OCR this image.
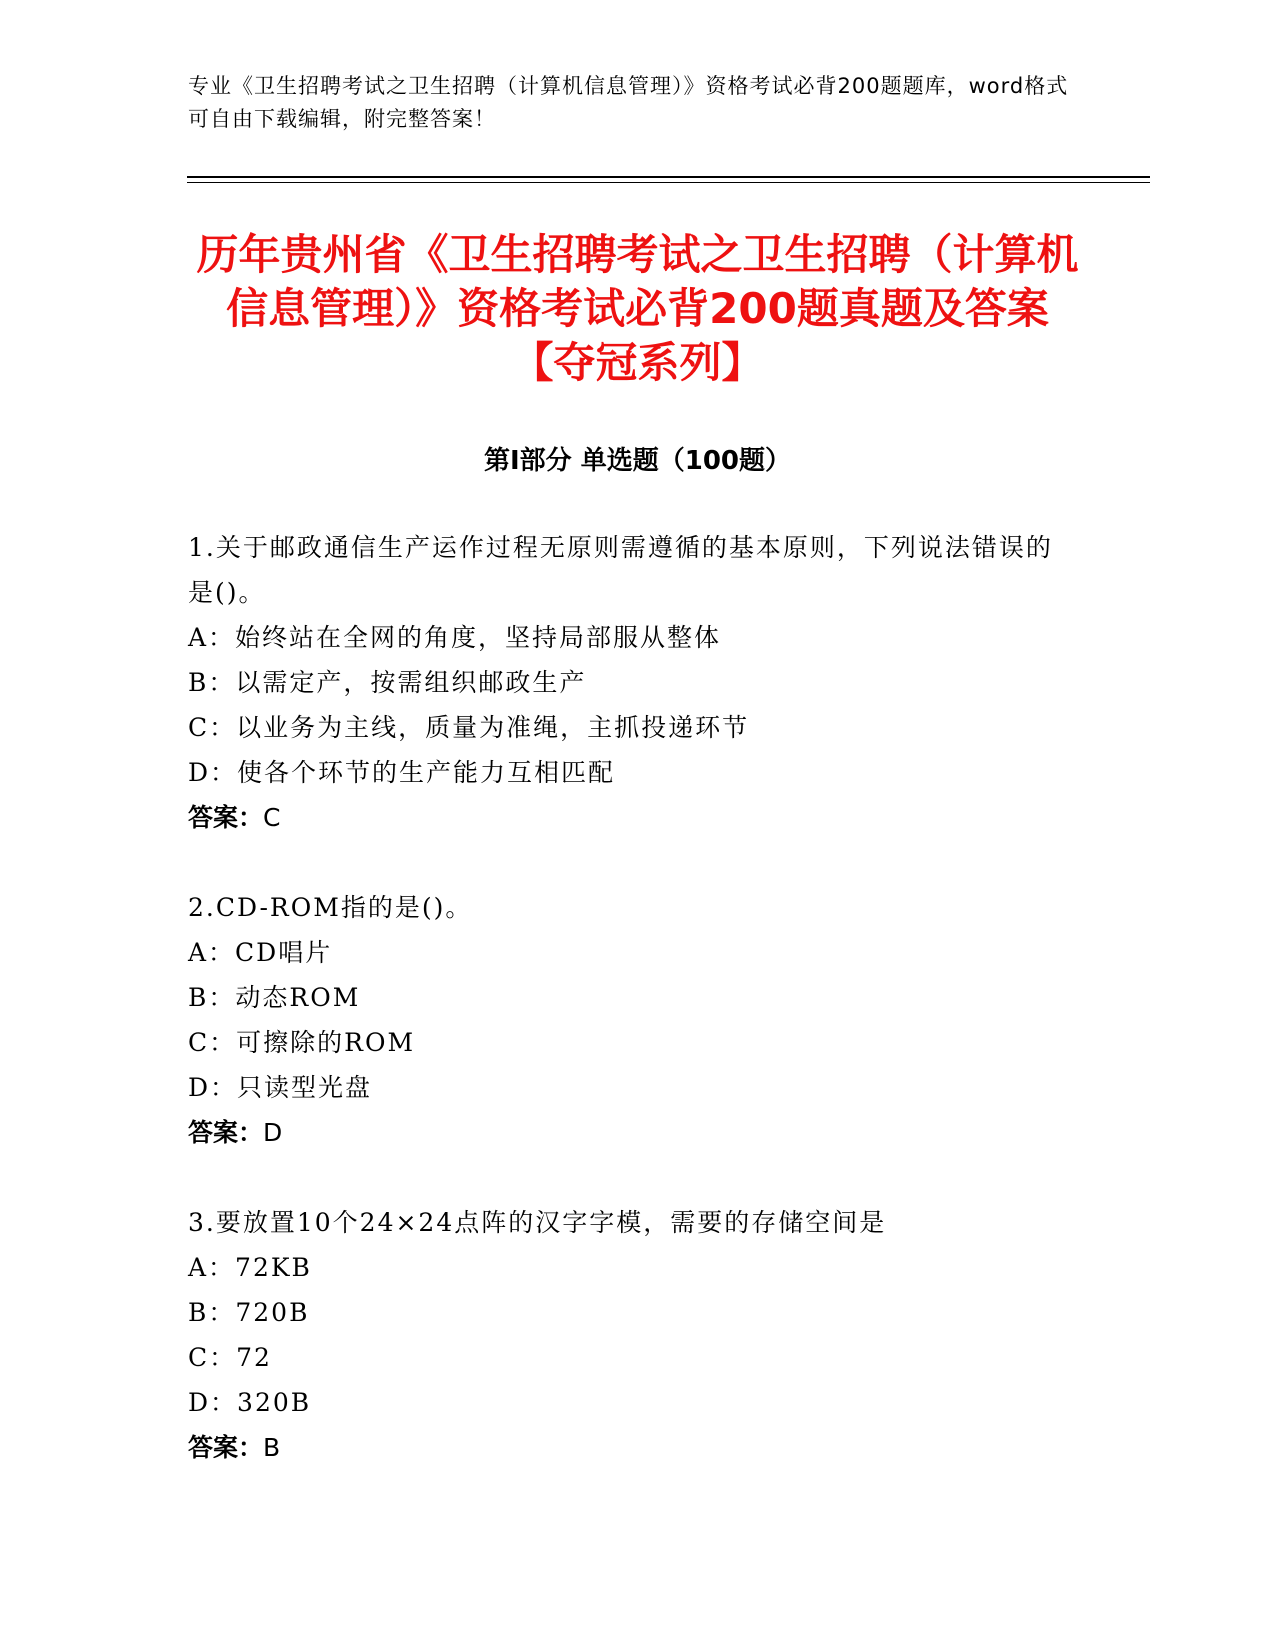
专业《卫生招聘考试之卫生招聘（计算机信息管理）》资格考试必背200题题库，word格式可自由下载编辑，附完整答案！
历年贵州省《卫生招聘考试之卫生招聘（计算机信息管理）》资格考试必背200题真题及答案【夺冠系列】
第Ⅰ部分 单选题（100题）

1.关于邮政通信生产运作过程无原则需遵循的基本原则，下列说法错误的是()。

A：始终站在全网的角度，坚持局部服从整体

B：以需定产，按需组织邮政生产

C：以业务为主线，质量为准绳，主抓投递环节

D：使各个环节的生产能力互相匹配

答案：C

2.CD-ROM指的是()。

A：CD唱片

B：动态ROM

C：可擦除的ROM

D：只读型光盘

答案：D

3.要放置10个24×24点阵的汉字字模，需要的存储空间是

A：72KB

B：720B

C：72

D：320B

答案：B
